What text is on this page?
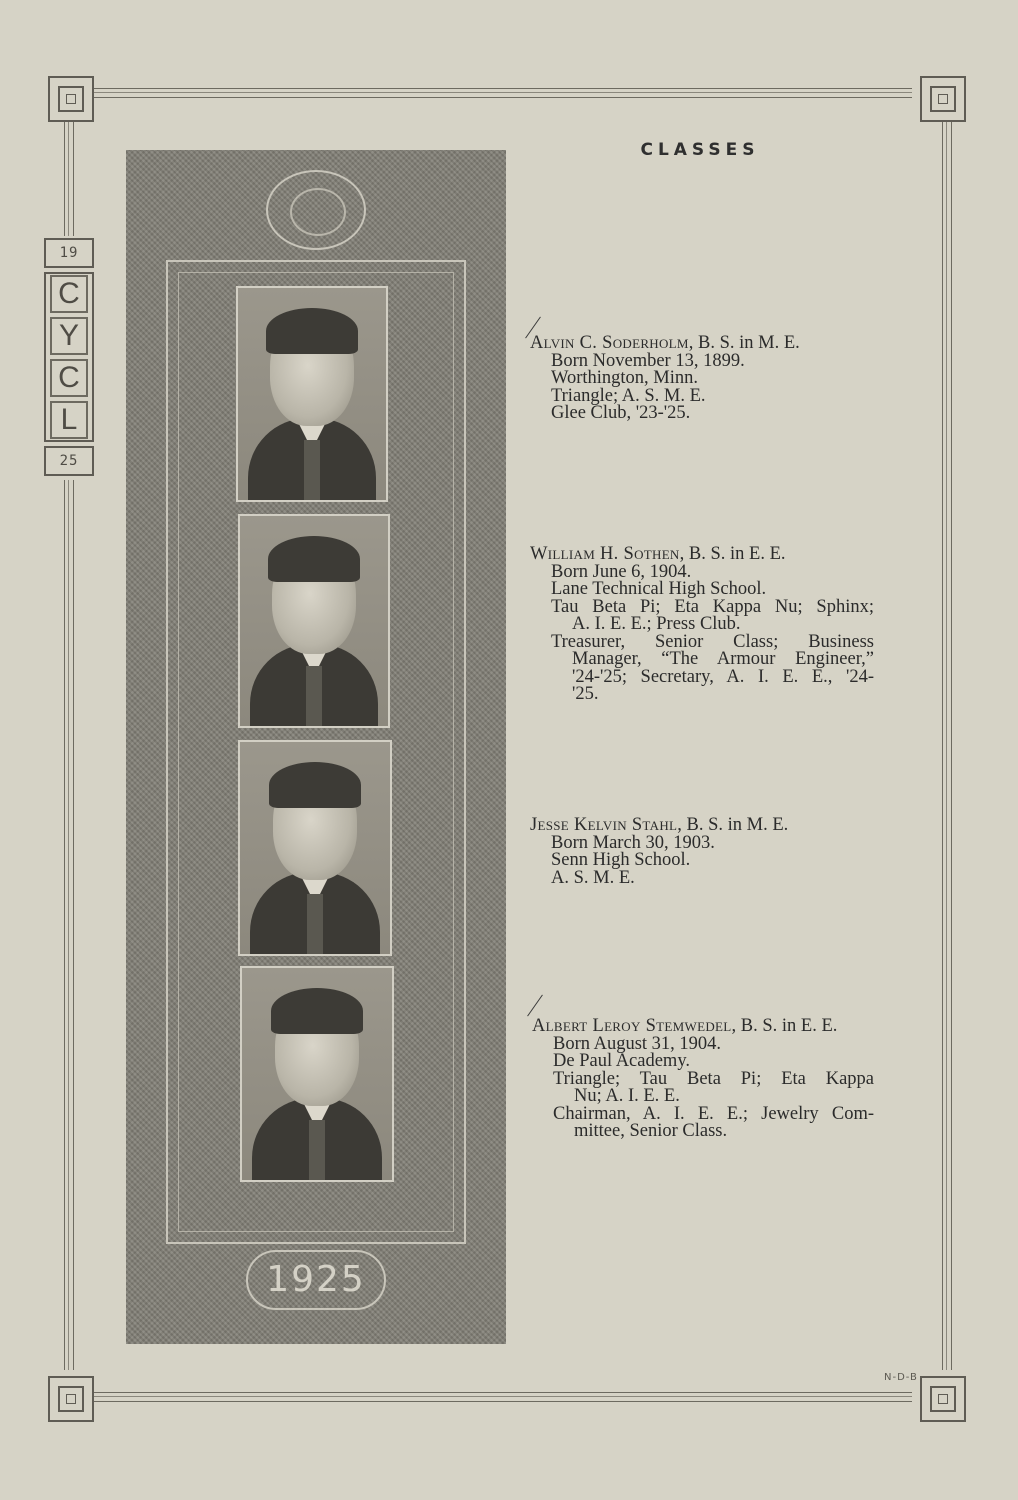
19
C
Y
C
L
25
CLASSES
1925
Alvin C. Soderholm, B. S. in M. E.
Born November 13, 1899.
Worthington, Minn.
Triangle; A. S. M. E.
Glee Club, '23-'25.
William H. Sothen, B. S. in E. E.
Born June 6, 1904.
Lane Technical High School.
Tau Beta Pi; Eta Kappa Nu; Sphinx;
A. I. E. E.; Press Club.
Treasurer, Senior Class; Business
Manager, “The Armour Engineer,”
'24-'25; Secretary, A. I. E. E., '24-
'25.
Jesse Kelvin Stahl, B. S. in M. E.
Born March 30, 1903.
Senn High School.
A. S. M. E.
Albert Leroy Stemwedel, B. S. in E. E.
Born August 31, 1904.
De Paul Academy.
Triangle; Tau Beta Pi; Eta Kappa
Nu; A. I. E. E.
Chairman, A. I. E. E.; Jewelry Com-
mittee, Senior Class.
N-D-B
